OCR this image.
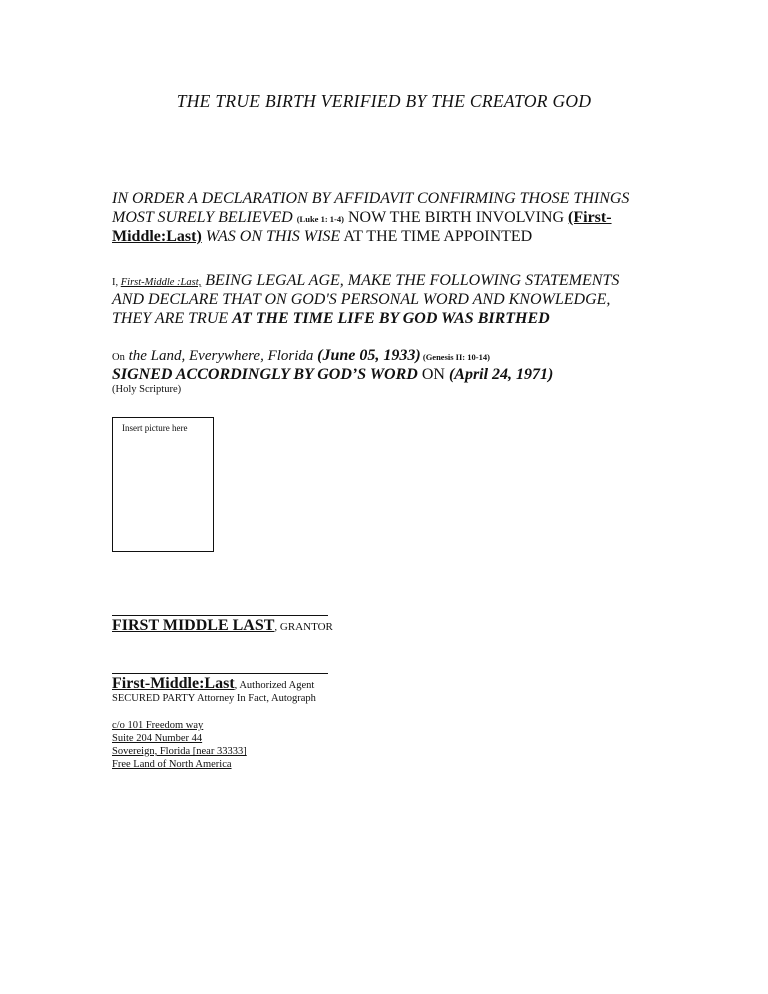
THE TRUE BIRTH VERIFIED BY THE CREATOR GOD
IN ORDER A DECLARATION BY AFFIDAVIT CONFIRMING THOSE THINGS
MOST SURELY BELIEVED (Luke 1: 1-4) NOW THE BIRTH INVOLVING (First-
Middle:Last) WAS ON THIS WISE AT THE TIME APPOINTED
I, First-Middle :Last, BEING LEGAL AGE, MAKE THE FOLLOWING STATEMENTS
AND DECLARE THAT ON GOD'S PERSONAL WORD AND KNOWLEDGE,
THEY ARE TRUE AT THE TIME LIFE BY GOD WAS BIRTHED
On the Land, Everywhere, Florida (June 05, 1933) (Genesis II: 10-14)
SIGNED ACCORDINGLY BY GOD’S WORD ON (April 24, 1971)
(Holy Scripture)
Insert picture here
FIRST MIDDLE LAST, GRANTOR
First-Middle:Last, Authorized Agent
SECURED PARTY Attorney In Fact, Autograph
c/o 101 Freedom way
Suite 204 Number 44
Sovereign, Florida [near 33333]
Free Land of North America
